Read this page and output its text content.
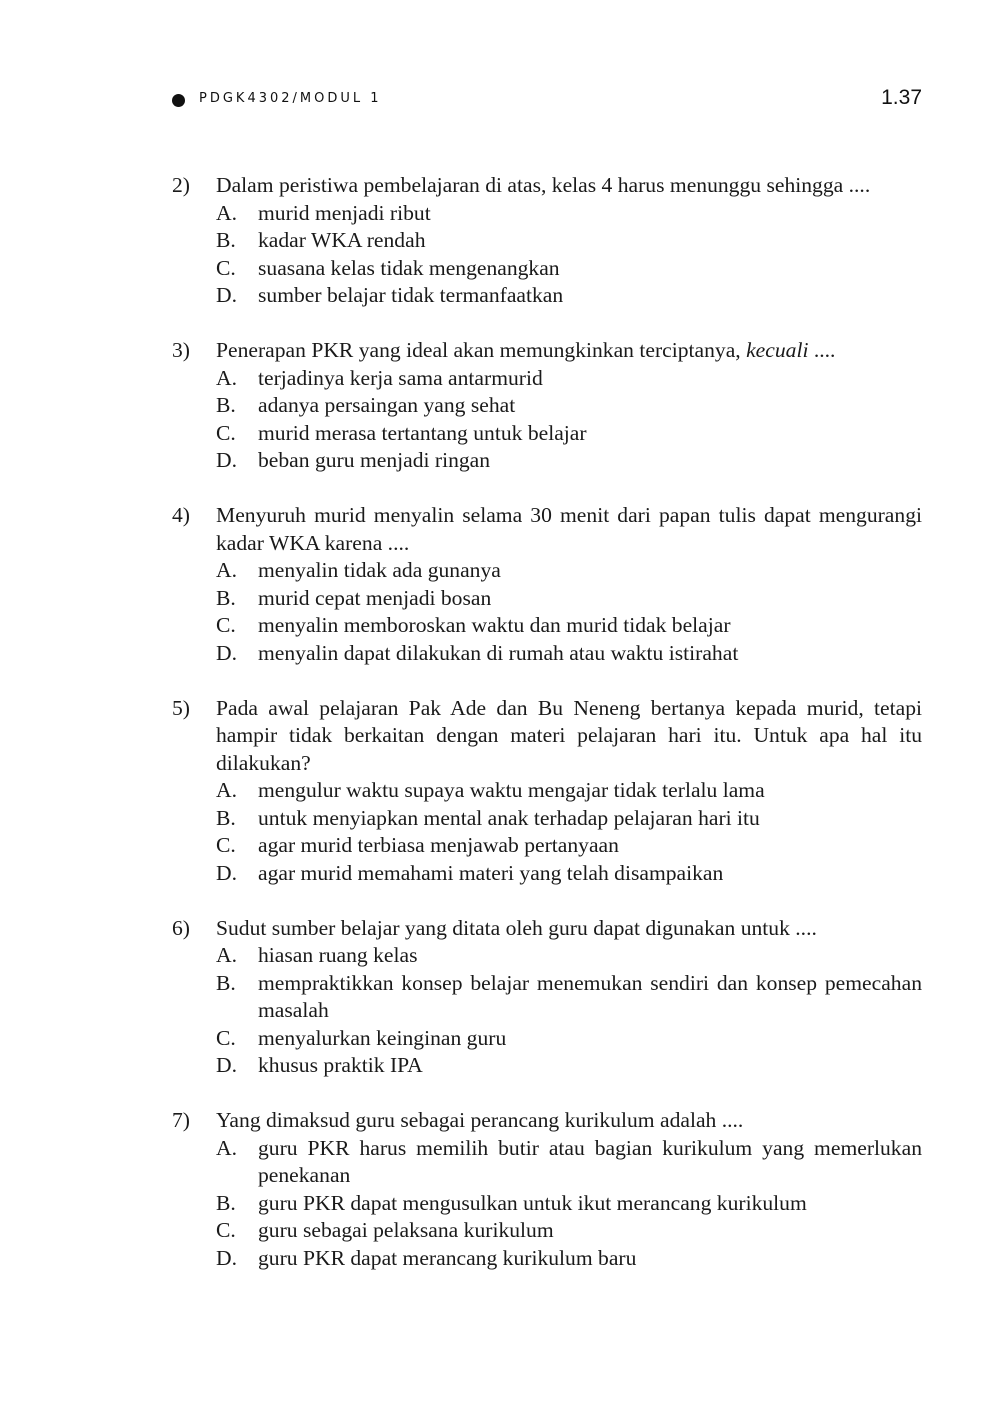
PDGK4302/MODUL 1	1.37
2) Dalam peristiwa pembelajaran di atas, kelas 4 harus menunggu sehingga ....
A. murid menjadi ribut
B. kadar WKA rendah
C. suasana kelas tidak mengenangkan
D. sumber belajar tidak termanfaatkan
3) Penerapan PKR yang ideal akan memungkinkan terciptanya, kecuali ....
A. terjadinya kerja sama antarmurid
B. adanya persaingan yang sehat
C. murid merasa tertantang untuk belajar
D. beban guru menjadi ringan
4) Menyuruh murid menyalin selama 30 menit dari papan tulis dapat mengurangi kadar WKA karena ....
A. menyalin tidak ada gunanya
B. murid cepat menjadi bosan
C. menyalin memboroskan waktu dan murid tidak belajar
D. menyalin dapat dilakukan di rumah atau waktu istirahat
5) Pada awal pelajaran Pak Ade dan Bu Neneng bertanya kepada murid, tetapi hampir tidak berkaitan dengan materi pelajaran hari itu. Untuk apa hal itu dilakukan?
A. mengulur waktu supaya waktu mengajar tidak terlalu lama
B. untuk menyiapkan mental anak terhadap pelajaran hari itu
C. agar murid terbiasa menjawab pertanyaan
D. agar murid memahami materi yang telah disampaikan
6) Sudut sumber belajar yang ditata oleh guru dapat digunakan untuk ....
A. hiasan ruang kelas
B. mempraktikkan konsep belajar menemukan sendiri dan konsep pemecahan masalah
C. menyalurkan keinginan guru
D. khusus praktik IPA
7) Yang dimaksud guru sebagai perancang kurikulum adalah ....
A. guru PKR harus memilih butir atau bagian kurikulum yang memerlukan penekanan
B. guru PKR dapat mengusulkan untuk ikut merancang kurikulum
C. guru sebagai pelaksana kurikulum
D. guru PKR dapat merancang kurikulum baru
